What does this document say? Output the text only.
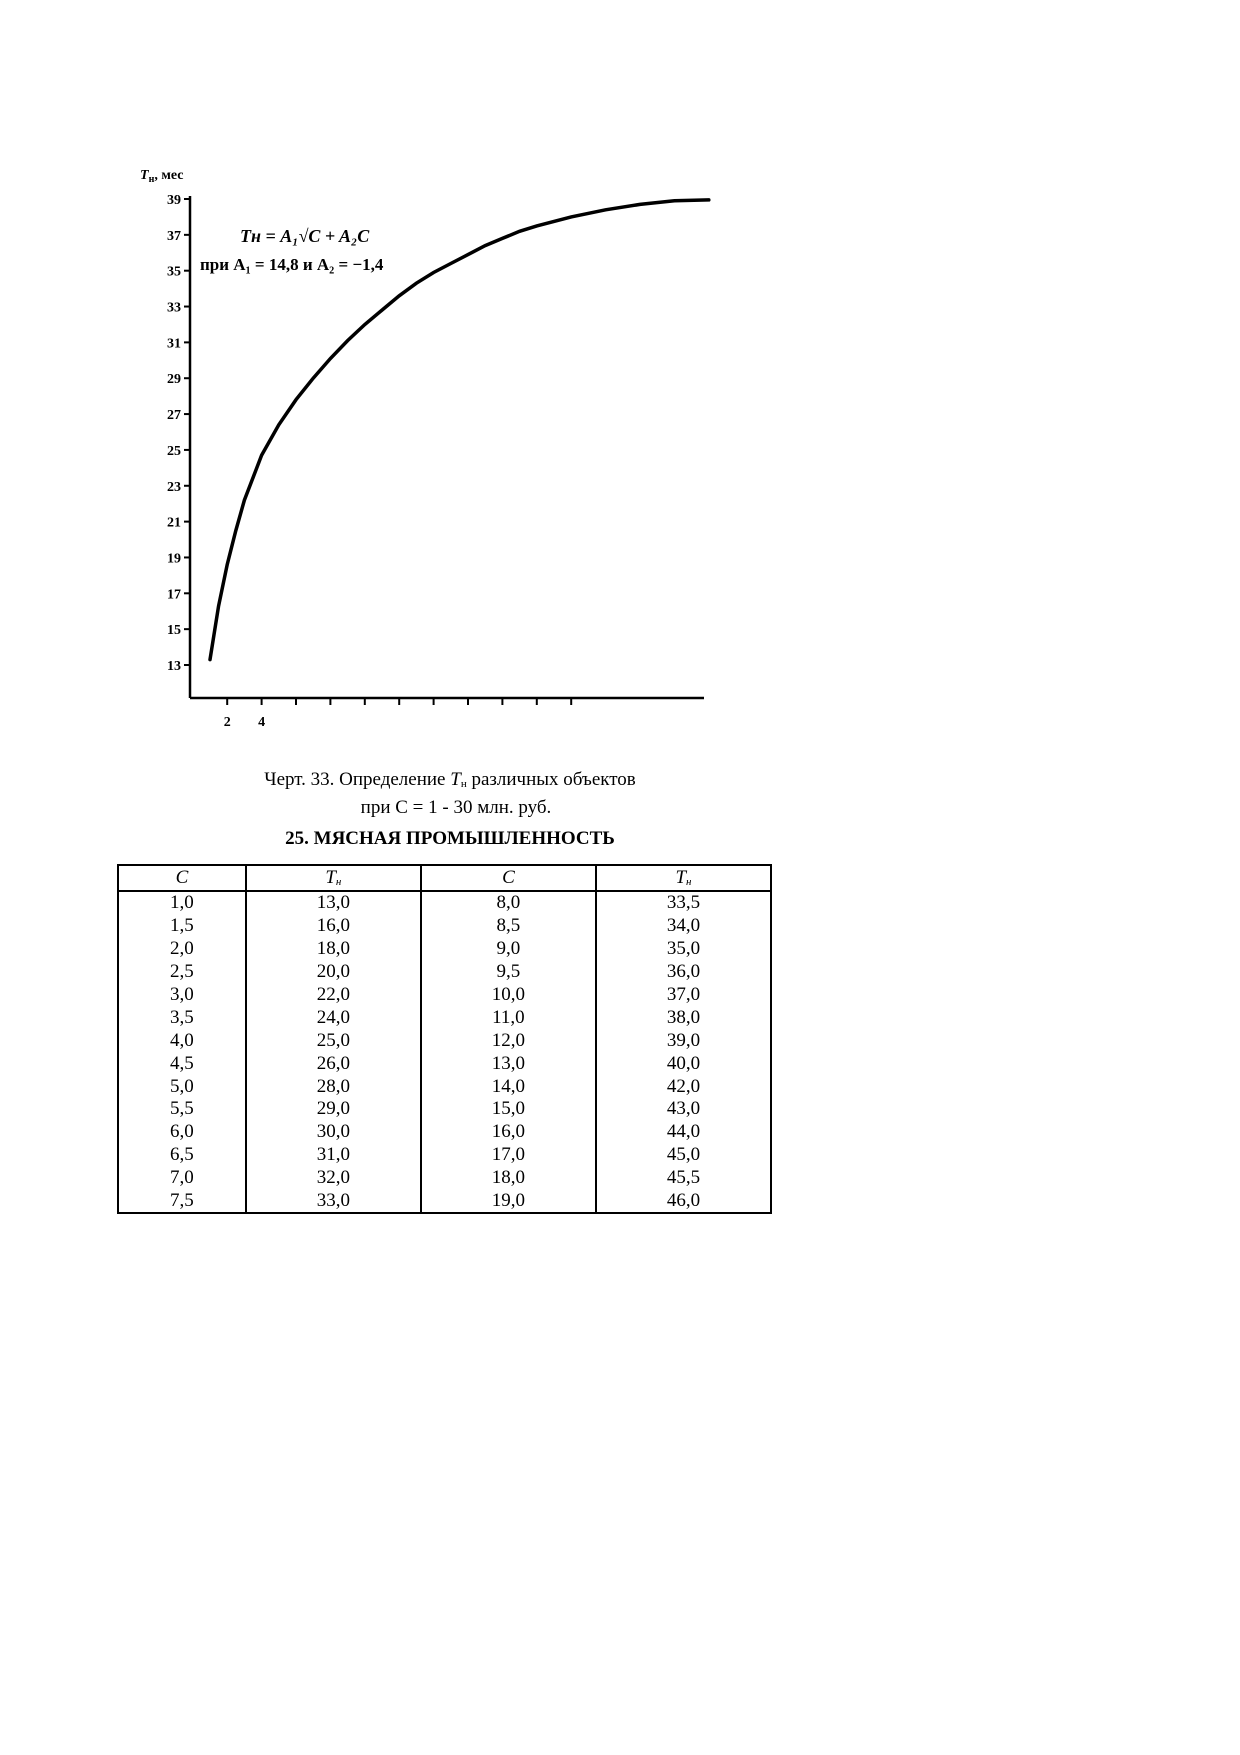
13
15
17
19
21
23
25
27
29
31
33
35
37
39
2 4
$T_н$, мес
Tн = A₁√C + A₂C
при A₁ = 14,8 и A₂ = −1,4
Черт. 33. Определение $T_н$ различных объектов
при С = 1 - 30 млн. руб.
25. МЯСНАЯ ПРОМЫШЛЕННОСТЬ
C	$T_н$	C	$T_н$
1,0	13,0	8,0	33,5
1,5	16,0	8,5	34,0
2,0	18,0	9,0	35,0
2,5	20,0	9,5	36,0
3,0	22,0	10,0	37,0
3,5	24,0	11,0	38,0
4,0	25,0	12,0	39,0
4,5	26,0	13,0	40,0
5,0	28,0	14,0	42,0
5,5	29,0	15,0	43,0
6,0	30,0	16,0	44,0
6,5	31,0	17,0	45,0
7,0	32,0	18,0	45,5
7,5	33,0	19,0	46,0
